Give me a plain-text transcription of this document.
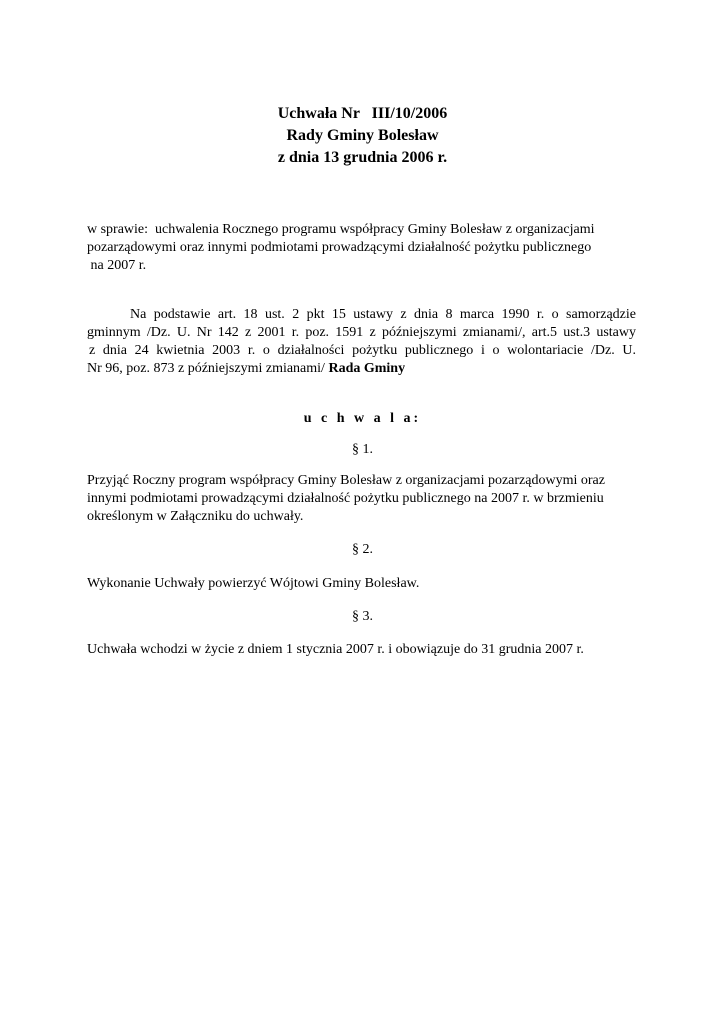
Uchwała Nr   III/10/2006
Rady Gminy Bolesław
z dnia 13 grudnia 2006 r.
w sprawie:  uchwalenia Rocznego programu współpracy Gminy Bolesław z organizacjami
pozarządowymi oraz innymi podmiotami prowadzącymi działalność pożytku publicznego
na 2007 r.
Na podstawie art. 18 ust. 2 pkt 15 ustawy z dnia 8 marca 1990 r. o samorządzie
gminnym /Dz. U. Nr 142 z 2001 r. poz. 1591 z późniejszymi zmianami/, art.5 ust.3 ustawy
z dnia 24 kwietnia 2003 r. o działalności pożytku publicznego i o wolontariacie /Dz. U.
Nr 96, poz. 873 z późniejszymi zmianami/ Rada Gminy
u c h w a l a:
§ 1.
Przyjąć Roczny program współpracy Gminy Bolesław z organizacjami pozarządowymi oraz
innymi podmiotami prowadzącymi działalność pożytku publicznego na 2007 r. w brzmieniu
określonym w Załączniku do uchwały.
§ 2.
Wykonanie Uchwały powierzyć Wójtowi Gminy Bolesław.
§ 3.
Uchwała wchodzi w życie z dniem 1 stycznia 2007 r. i obowiązuje do 31 grudnia 2007 r.
